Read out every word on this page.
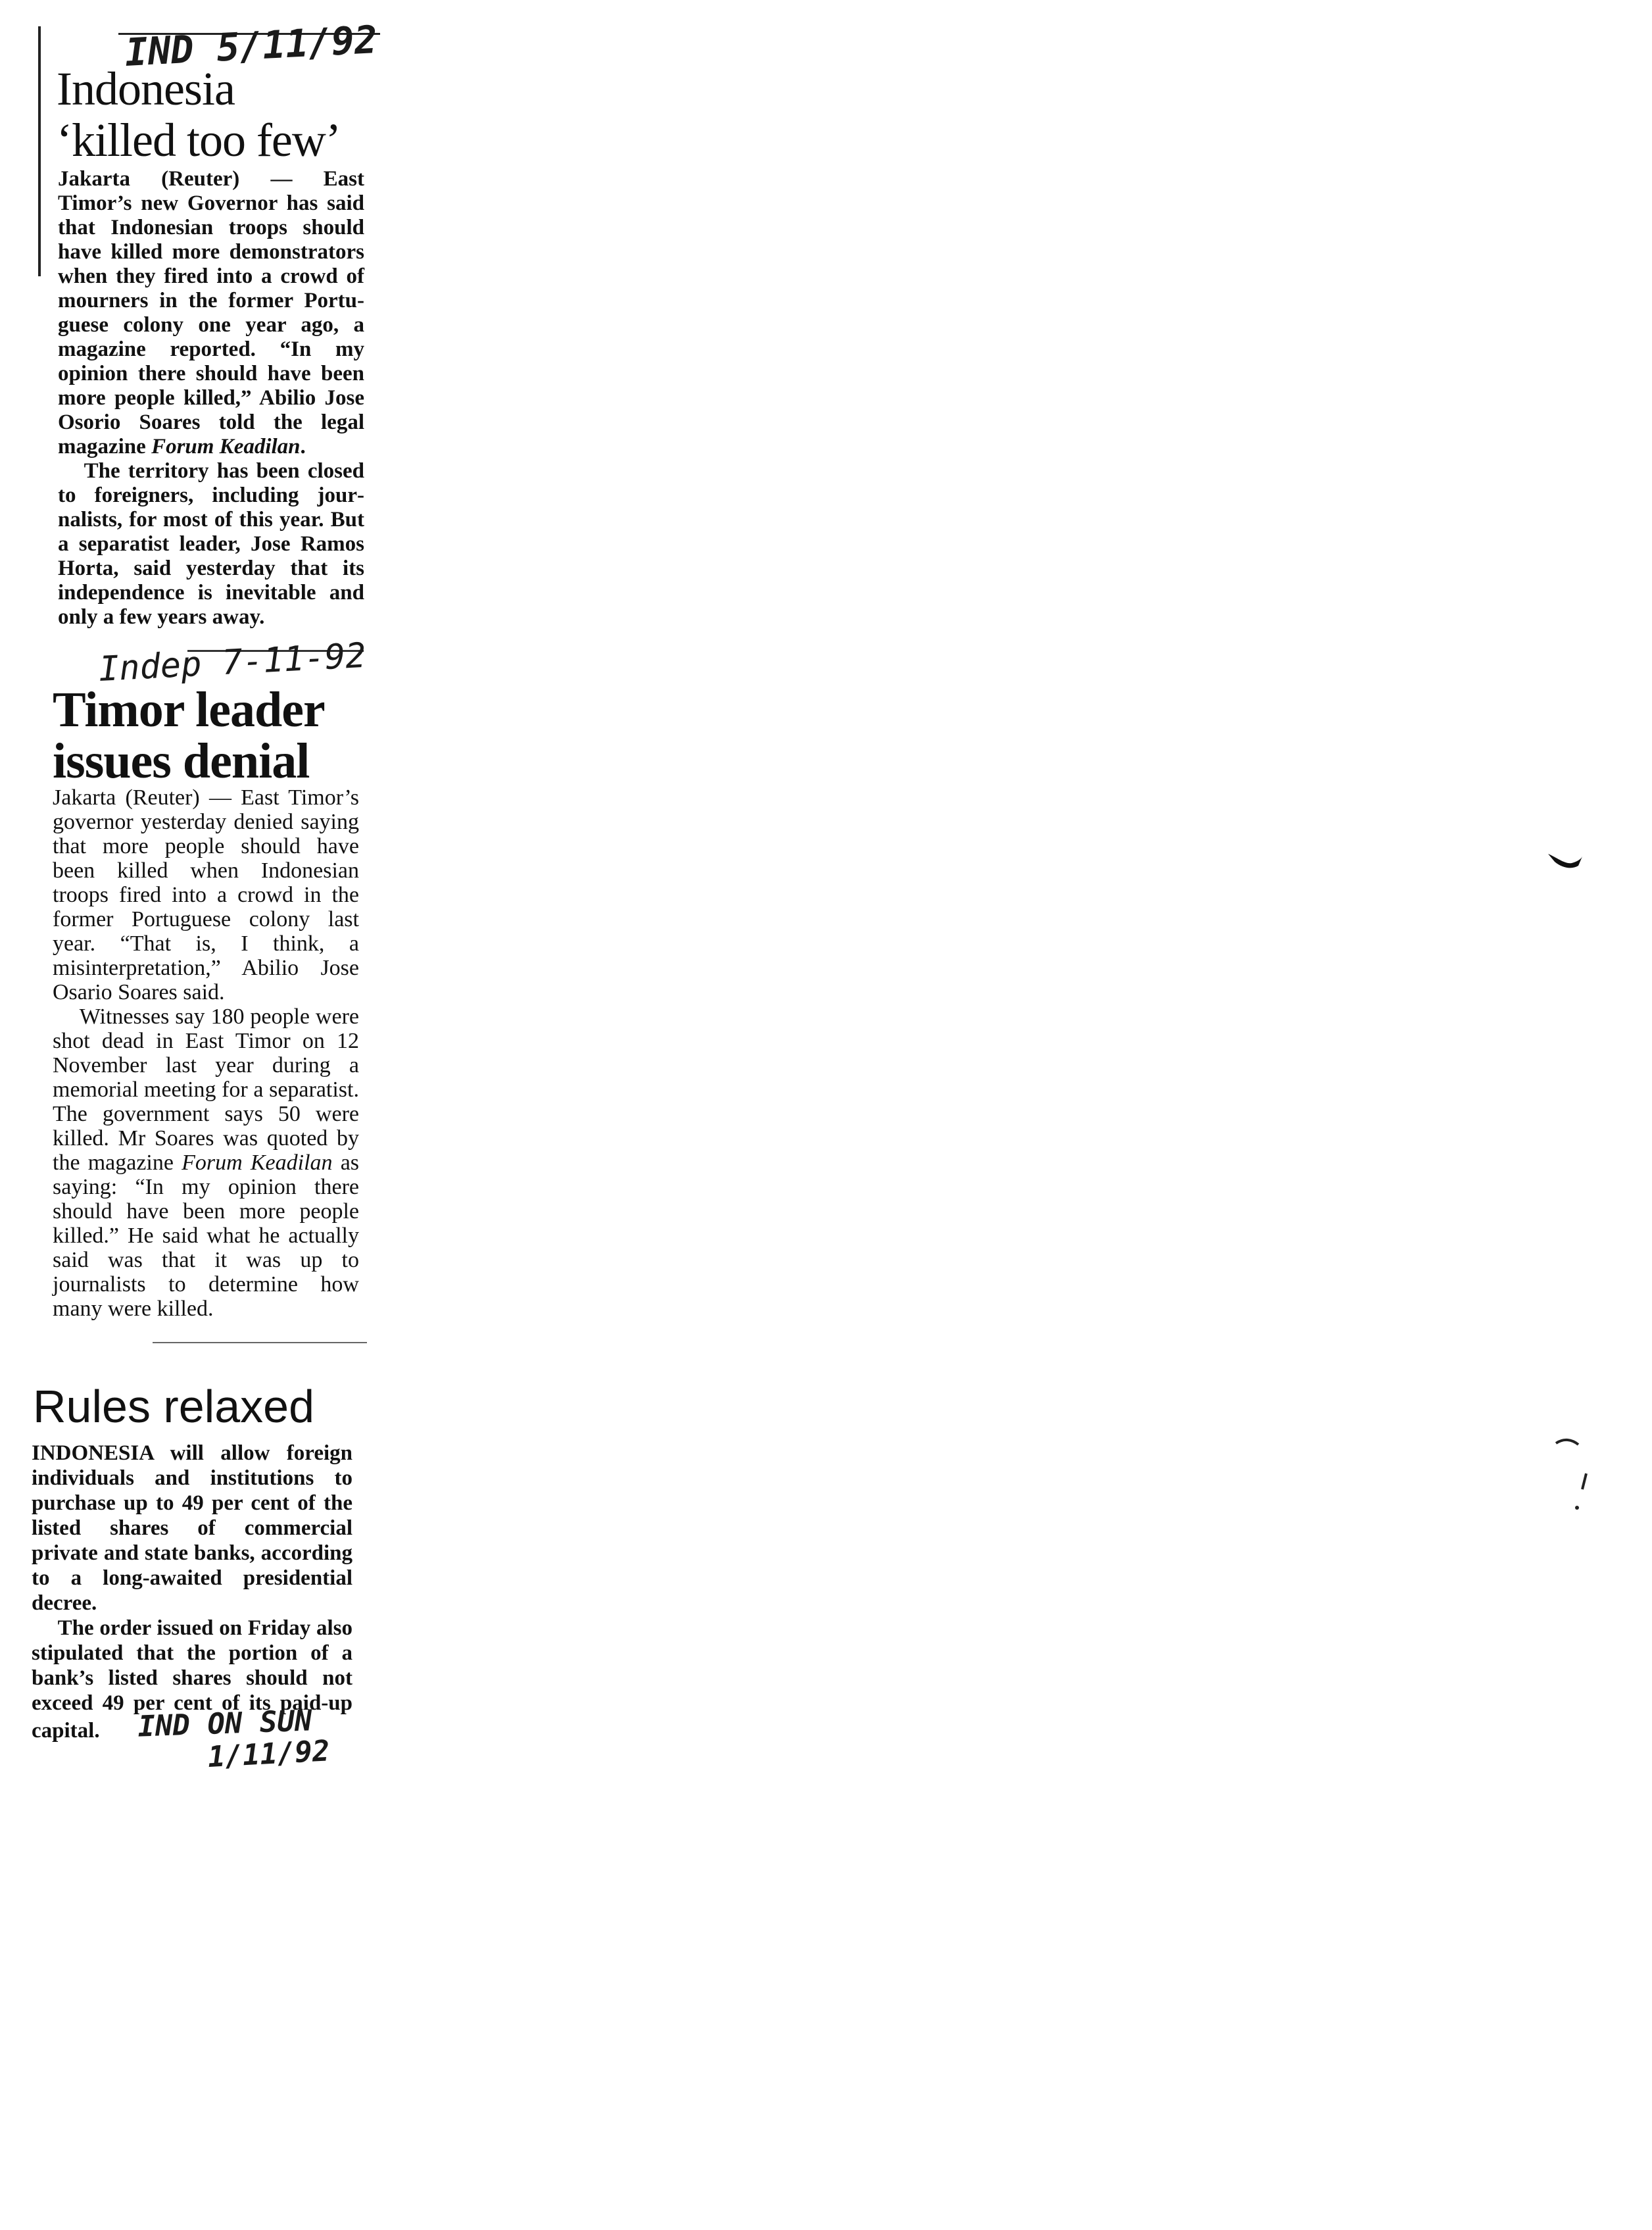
IND 5/11/92
Indonesia
‘killed too few’

Jakarta (Reuter) — East Timor’s new Governor has said that Indonesian troops should have killed more demonstrators when they fired into a crowd of mourners in the former Portuguese colony one year ago, a magazine reported. “In my opinion there should have been more people killed,” Abilio Jose Osorio Soares told the legal magazine Forum Keadilan.

The territory has been closed to foreigners, including journalists, for most of this year. But a separatist leader, Jose Ramos Horta, said yesterday that its independence is inevitable and only a few years away.

Indep 7-11-92
Timor leader
issues denial

Jakarta (Reuter) — East Timor’s governor yesterday denied saying that more people should have been killed when Indonesian troops fired into a crowd in the former Portuguese colony last year. “That is, I think, a misinterpretation,” Abilio Jose Osario Soares said.

Witnesses say 180 people were shot dead in East Timor on 12 November last year during a memorial meeting for a separatist. The government says 50 were killed. Mr Soares was quoted by the magazine Forum Keadilan as saying: “In my opinion there should have been more people killed.” He said what he actually said was that it was up to journalists to determine how many were killed.

Rules relaxed

INDONESIA will allow foreign individuals and institutions to purchase up to 49 per cent of the listed shares of commercial private and state banks, according to a long-awaited presidential decree.

The order issued on Friday also stipulated that the portion of a bank’s listed shares should not exceed 49 per cent of its paid-up capital. IND ON SUN

1/11/92
